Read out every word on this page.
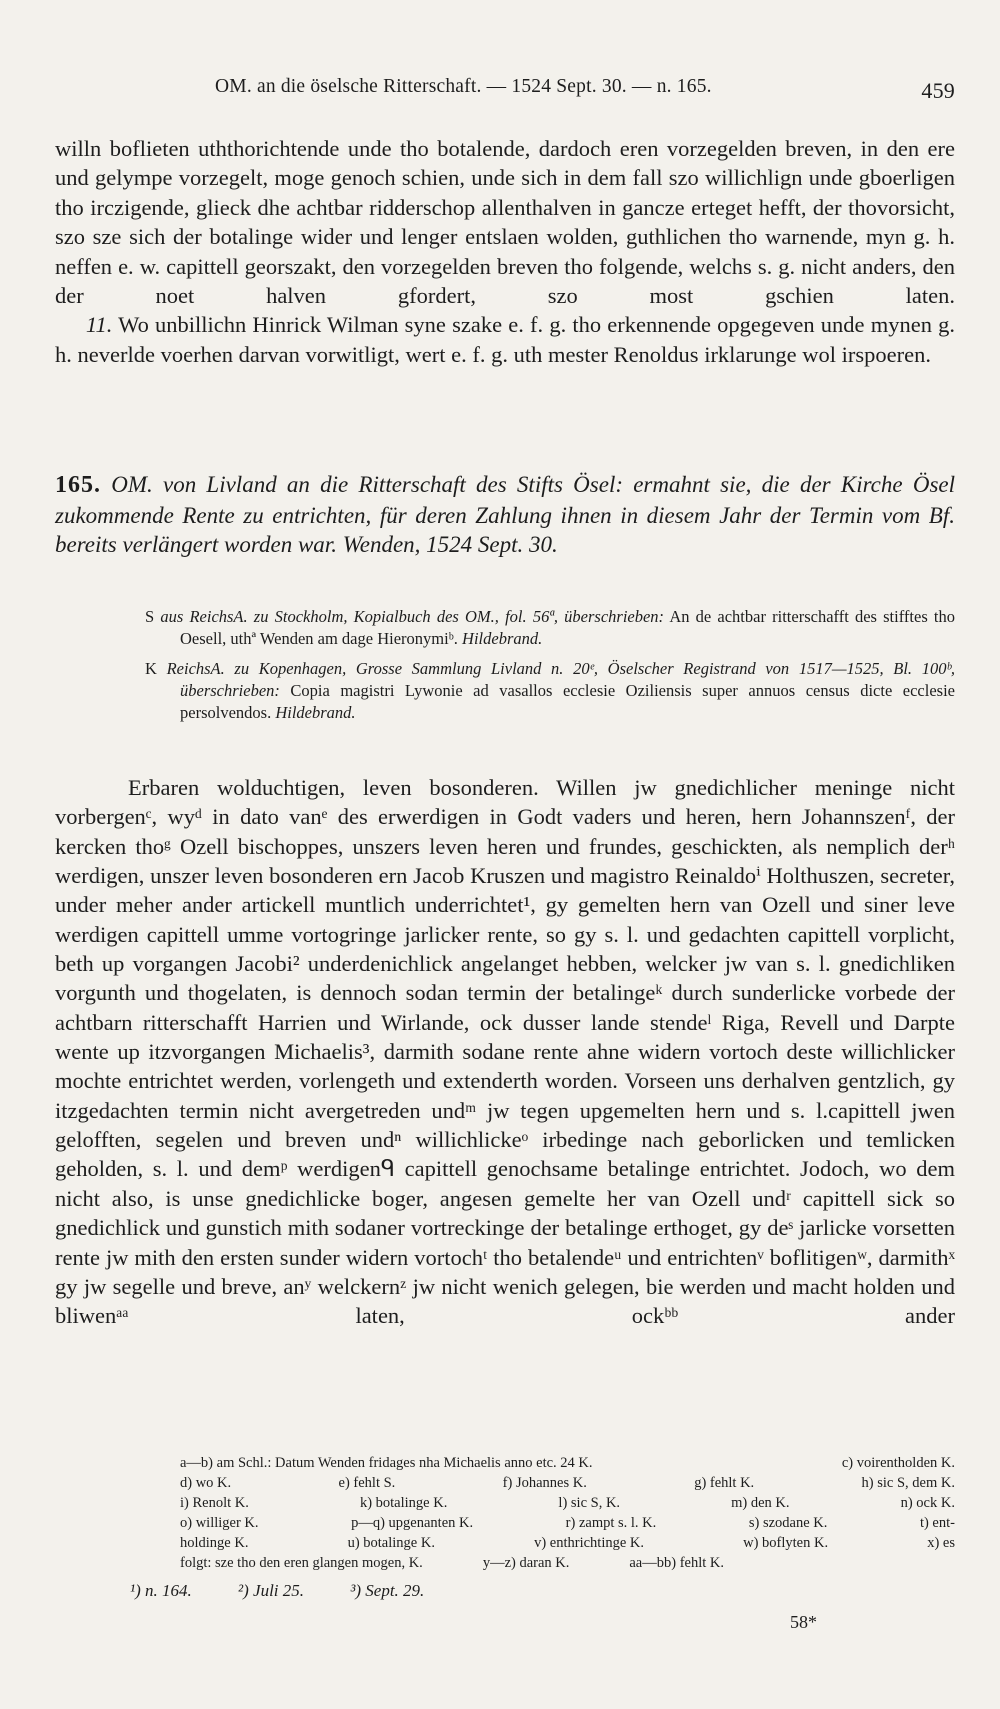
OM. an die öselsche Ritterschaft. — 1524 Sept. 30. — n. 165.	459

willn boflieten uththorichtende unde tho botalende, dardoch eren vorzegelden breven, in den ere und gelympe vorzegelt, moge genoch schien, unde sich in dem fall szo willichlign unde gboerligen tho irczigende, glieck dhe achtbar ridderschop allenthalven in gancze erteget hefft, der thovorsicht, szo sze sich der botalinge wider und lenger entslaen wolden, guthlichen tho warnende, myn g. h. neffen e. w. capittell georszakt, den vorzegelden breven tho folgende, welchs s. g. nicht anders, den der noet halven gfordert, szo most gschien laten.

11. Wo unbillichn Hinrick Wilman syne szake e. f. g. tho erkennende opgegeven unde mynen g. h. neverlde voerhen darvan vorwitligt, wert e. f. g. uth mester Renoldus irklarunge wol irspoeren.

165. OM. von Livland an die Ritterschaft des Stifts Ösel: ermahnt sie, die der Kirche Ösel zukommende Rente zu entrichten, für deren Zahlung ihnen in diesem Jahr der Termin vom Bf. bereits verlängert worden war. Wenden, 1524 Sept. 30.

S aus ReichsA. zu Stockholm, Kopialbuch des OM., fol. 56ª, überschrieben: An de achtbar ritterschafft des stifftes tho Oesell, uthª Wenden am dage Hieronymiᵇ. Hildebrand.

K ReichsA. zu Kopenhagen, Grosse Sammlung Livland n. 20ᵉ, Öselscher Registrand von 1517—1525, Bl. 100ᵇ, überschrieben: Copia magistri Lywonie ad vasallos ecclesie Oziliensis super annuos census dicte ecclesie persolvendos. Hildebrand.

Erbaren wolduchtigen, leven bosonderen. Willen jw gnedichlicher meninge nicht vorbergenᶜ, wyᵈ in dato vanᵉ des erwerdigen in Godt vaders und heren, hern Johannszenᶠ, der kercken thoᵍ Ozell bischoppes, unszers leven heren und frundes, geschickten, als nemplich derʰ werdigen, unszer leven bosonderen ern Jacob Kruszen und magistro Reinaldoⁱ Holthuszen, secreter, under meher ander artickell muntlich underrichtet¹, gy gemelten hern van Ozell und siner leve werdigen capittell umme vortogringe jarlicker rente, so gy s. l. und gedachten capittell vorplicht, beth up vorgangen Jacobi² underdenichlick angelanget hebben, welcker jw van s. l. gnedichliken vorgunth und thogelaten, is dennoch sodan termin der betalingeᵏ durch sunderlicke vorbede der achtbarn ritterschafft Harrien und Wirlande, ock dusser lande stendeˡ Riga, Revell und Darpte wente up itzvorgangen Michaelis³, darmith sodane rente ahne widern vortoch deste willichlicker mochte entrichtet werden, vorlengeth und extenderth worden. Vorseen uns derhalven gentzlich, gy itzgedachten termin nicht avergetreden undᵐ jw tegen upgemelten hern und s. l.capittell jwen gelofften, segelen und breven undⁿ willichlickeᵒ irbedinge nach geborlicken und temlicken geholden, s. l. und demᵖ werdigenᑫ capittell genochsame betalinge entrichtet. Jodoch, wo dem nicht also, is unse gnedichlicke boger, angesen gemelte her van Ozell undʳ capittell sick so gnedichlick und gunstich mith sodaner vortreckinge der betalinge erthoget, gy deˢ jarlicke vorsetten rente jw mith den ersten sunder widern vortochᵗ tho betalendeᵘ und entrichtenᵛ boflitigenʷ, darmithˣ gy jw segelle und breve, anʸ welckernᶻ jw nicht wenich gelegen, bie werden und macht holden und bliwenᵃᵃ laten, ockᵇᵇ ander

a—b) am Schl.: Datum Wenden fridages nha Michaelis anno etc. 24 K.	c) voirentholden K.
d) wo K.	e) fehlt S.	f) Johannes K.	g) fehlt K.	h) sic S, dem K.
i) Renolt K.	k) botalinge K.	l) sic S, K.	m) den K.	n) ock K.
o) williger K.	p—q) upgenanten K.	r) zampt s. l. K.	s) szodane K.	t) ent-
holdinge K.	u) botalinge K.	v) enthrichtinge K.	w) boflyten K.	x) es
folgt: sze tho den eren glangen mogen, K.	y—z) daran K.	aa—bb) fehlt K.
¹) n. 164.	²) Juli 25.	³) Sept. 29.
58*
